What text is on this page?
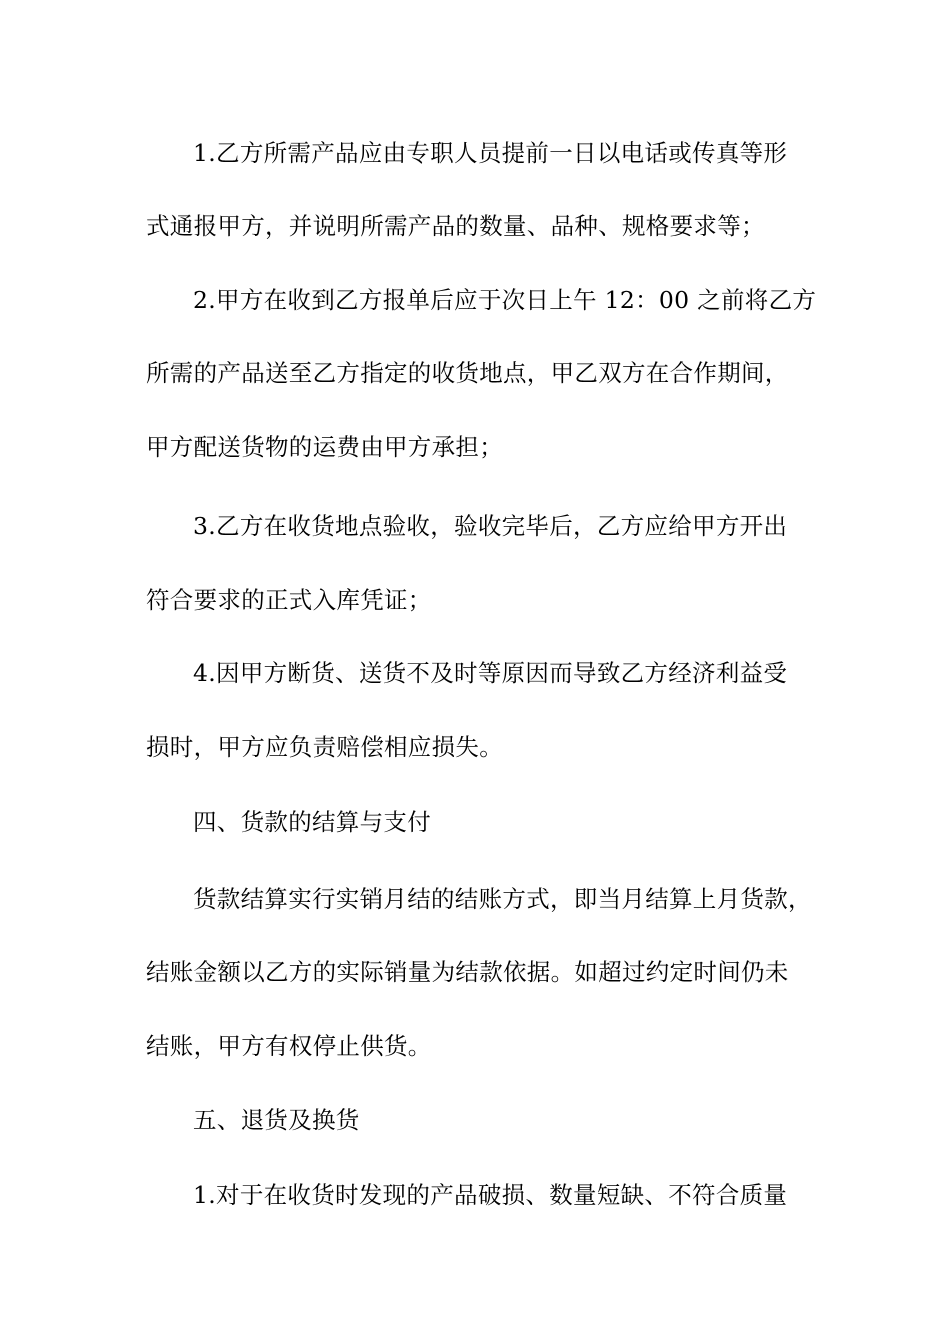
1.乙方所需产品应由专职人员提前一日以电话或传真等形
式通报甲方，并说明所需产品的数量、品种、规格要求等；
2.甲方在收到乙方报单后应于次日上午 12：00 之前将乙方
所需的产品送至乙方指定的收货地点，甲乙双方在合作期间，
甲方配送货物的运费由甲方承担；
3.乙方在收货地点验收，验收完毕后，乙方应给甲方开出
符合要求的正式入库凭证；
4.因甲方断货、送货不及时等原因而导致乙方经济利益受
损时，甲方应负责赔偿相应损失。
四、货款的结算与支付
货款结算实行实销月结的结账方式，即当月结算上月货款，
结账金额以乙方的实际销量为结款依据。如超过约定时间仍未
结账，甲方有权停止供货。
五、退货及换货
1.对于在收货时发现的产品破损、数量短缺、不符合质量
